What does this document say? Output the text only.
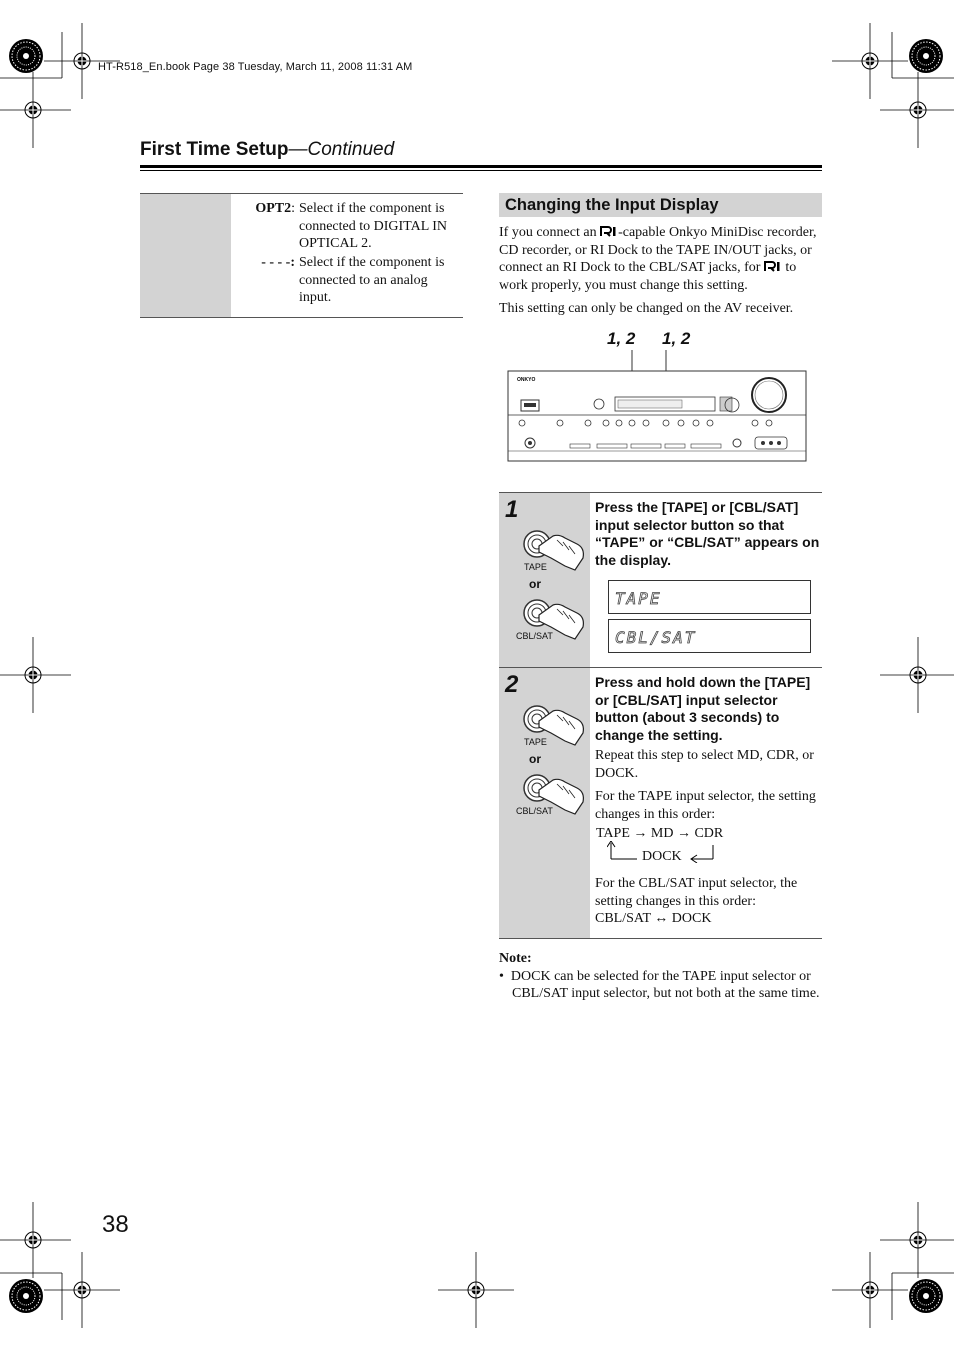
HT-R518_En.book Page 38 Tuesday, March 11, 2008 11:31 AM
First Time Setup—Continued
OPT2: Select if the component is connected to DIGITAL IN OPTICAL 2.
- - - -: Select if the component is connected to an analog input.
Changing the Input Display

If you connect an -capable Onkyo MiniDisc recorder, CD recorder, or RI Dock to the TAPE IN/OUT jacks, or connect an RI Dock to the CBL/SAT jacks, for to work properly, you must change this setting.

This setting can only be changed on the AV receiver.

1, 2 1, 2
ONKYO
1
TAPE
or
CBL/SAT

Press the [TAPE] or [CBL/SAT] input selector button so that “TAPE” or “CBL/SAT” appears on the display.

TAPE
CBL/SAT
2
TAPE
or
CBL/SAT

Press and hold down the [TAPE] or [CBL/SAT] input selector button (about 3 seconds) to change the setting.

Repeat this step to select MD, CDR, or DOCK.

For the TAPE input selector, the setting changes in this order:

TAPE → MD → CDR
DOCK

For the CBL/SAT input selector, the setting changes in this order:

CBL/SAT ↔ DOCK

Note:
•  DOCK can be selected for the TAPE input selector or CBL/SAT input selector, but not both at the same time.
38
